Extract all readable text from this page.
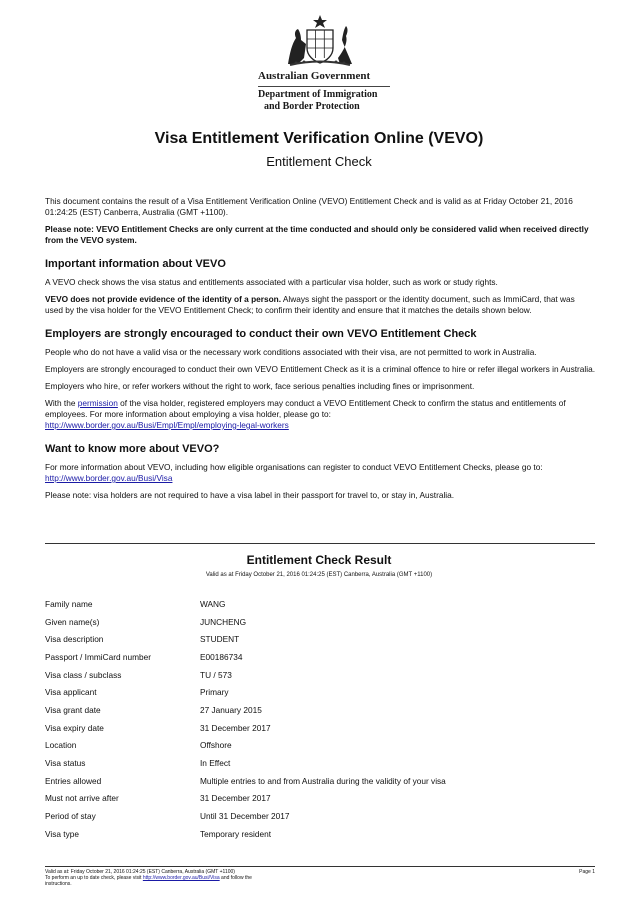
Australian Government
Department of Immigration
and Border Protection
Visa Entitlement Verification Online (VEVO)
Entitlement Check

This document contains the result of a Visa Entitlement Verification Online (VEVO) Entitlement Check and is valid as at Friday October 21, 2016 01:24:25 (EST) Canberra, Australia (GMT +1100).

Please note: VEVO Entitlement Checks are only current at the time conducted and should only be considered valid when received directly from the VEVO system.

Important information about VEVO

A VEVO check shows the visa status and entitlements associated with a particular visa holder, such as work or study rights.

VEVO does not provide evidence of the identity of a person. Always sight the passport or the identity document, such as ImmiCard, that was used by the visa holder for the VEVO Entitlement Check; to confirm their identity and ensure that it matches the details shown below.

Employers are strongly encouraged to conduct their own VEVO Entitlement Check

People who do not have a valid visa or the necessary work conditions associated with their visa, are not permitted to work in Australia.

Employers are strongly encouraged to conduct their own VEVO Entitlement Check as it is a criminal offence to hire or refer illegal workers in Australia.

Employers who hire, or refer workers without the right to work, face serious penalties including fines or imprisonment.

With the permission of the visa holder, registered employers may conduct a VEVO Entitlement Check to confirm the status and entitlements of employees. For more information about employing a visa holder, please go to:
http://www.border.gov.au/Busi/Empl/Empl/employing-legal-workers

Want to know more about VEVO?

For more information about VEVO, including how eligible organisations can register to conduct VEVO Entitlement Checks, please go to:
http://www.border.gov.au/Busi/Visa

Please note: visa holders are not required to have a visa label in their passport for travel to, or stay in, Australia.

Entitlement Check Result
Valid as at Friday October 21, 2016 01:24:25 (EST) Canberra, Australia (GMT +1100)
Family name	WANG
Given name(s)	JUNCHENG
Visa description	STUDENT
Passport / ImmiCard number	E00186734
Visa class / subclass	TU / 573
Visa applicant	Primary
Visa grant date	27 January 2015
Visa expiry date	31 December 2017
Location	Offshore
Visa status	In Effect
Entries allowed	Multiple entries to and from Australia during the validity of your visa
Must not arrive after	31 December 2017
Period of stay	Until 31 December 2017
Visa type	Temporary resident
Valid as at: Friday October 21, 2016 01:24:25 (EST) Canberra, Australia (GMT +1100)
To perform an up to date check, please visit http://www.border.gov.au/Busi/Visa and follow the
instructions.
Page 1
